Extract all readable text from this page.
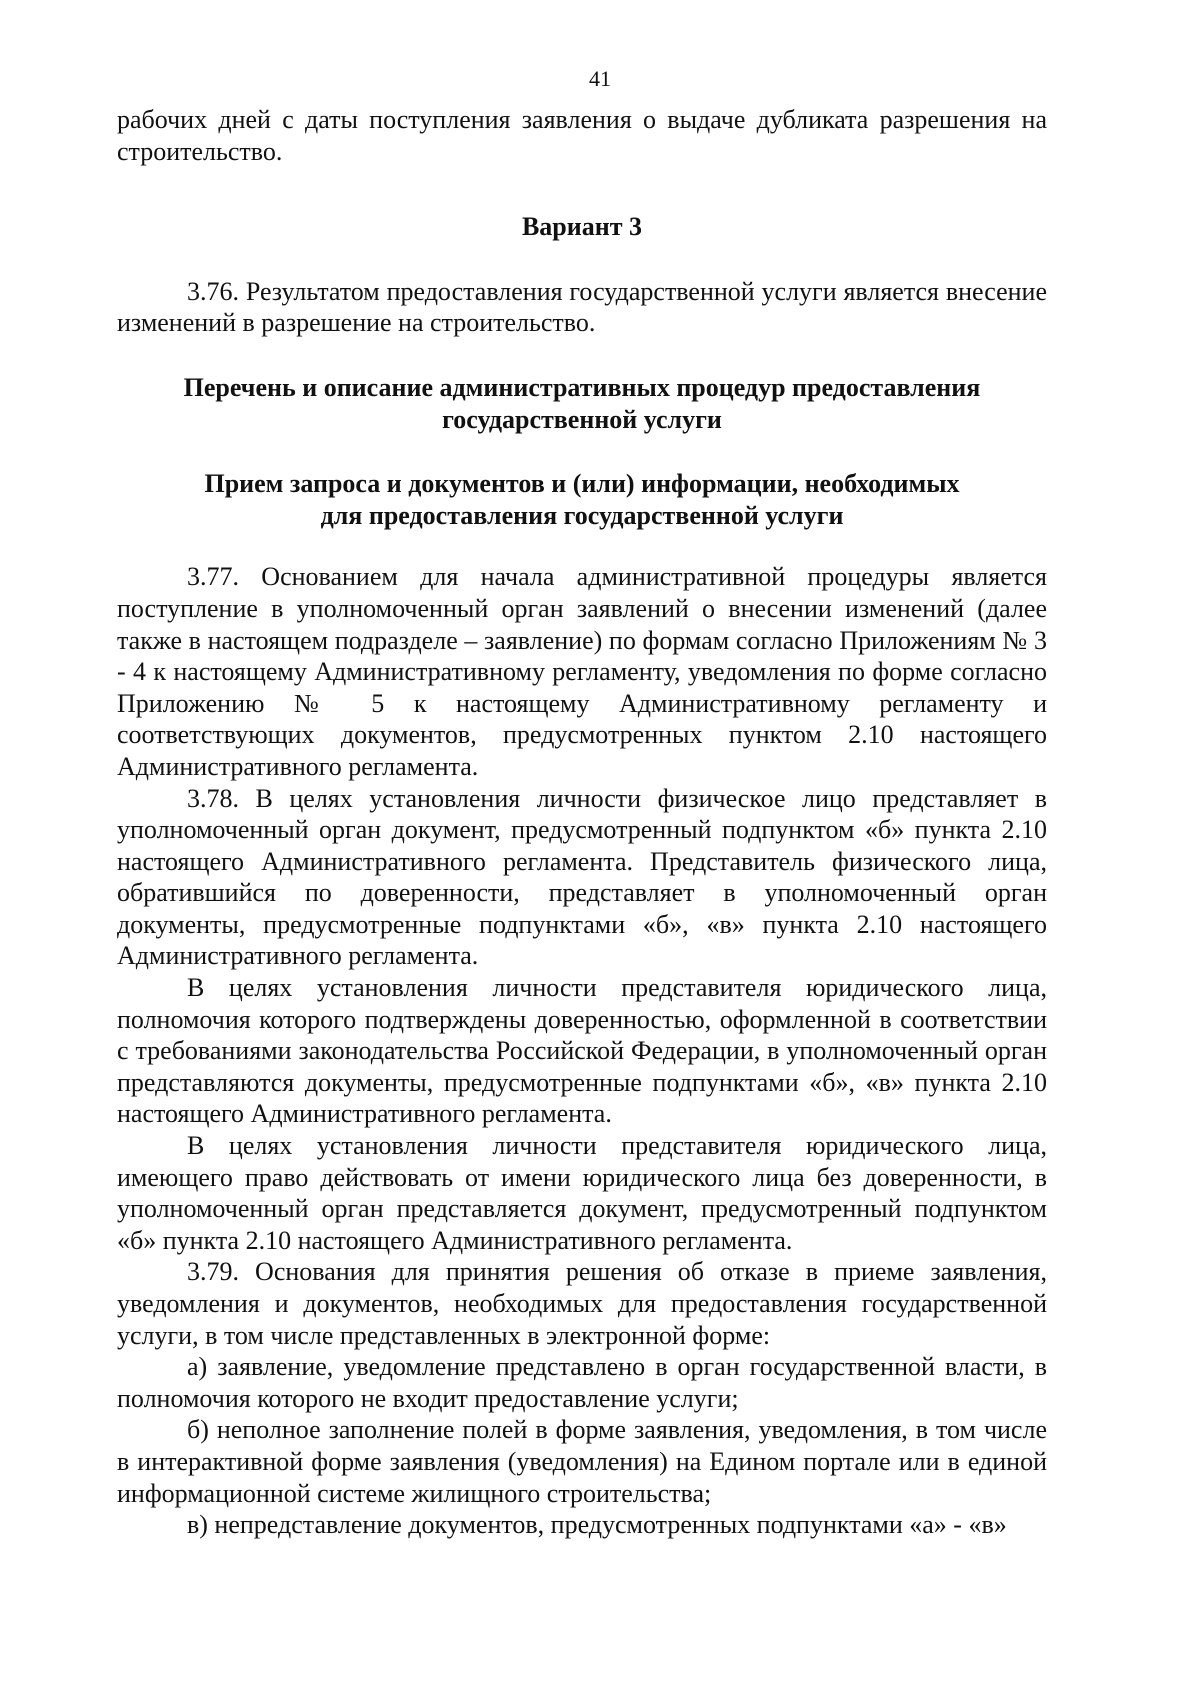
41

рабочих дней с даты поступления заявления о выдаче дубликата разрешения на строительство.

Вариант 3

3.76. Результатом предоставления государственной услуги является внесение изменений в разрешение на строительство.

Перечень и описание административных процедур предоставления
государственной услуги
Прием запроса и документов и (или) информации, необходимых
для предоставления государственной услуги

3.77. Основанием для начала административной процедуры является поступление в уполномоченный орган заявлений о внесении изменений (далее также в настоящем подразделе – заявление) по формам согласно Приложениям № 3 - 4 к настоящему Административному регламенту, уведомления по форме согласно Приложению № 5 к настоящему Административному регламенту и соответствующих документов, предусмотренных пунктом 2.10 настоящего Административного регламента.

3.78. В целях установления личности физическое лицо представляет в уполномоченный орган документ, предусмотренный подпунктом «б» пункта 2.10 настоящего Административного регламента. Представитель физического лица, обратившийся по доверенности, представляет в уполномоченный орган документы, предусмотренные подпунктами «б», «в» пункта 2.10 настоящего Административного регламента.

В целях установления личности представителя юридического лица, полномочия которого подтверждены доверенностью, оформленной в соответствии с требованиями законодательства Российской Федерации, в уполномоченный орган представляются документы, предусмотренные подпунктами «б», «в» пункта 2.10 настоящего Административного регламента.

В целях установления личности представителя юридического лица, имеющего право действовать от имени юридического лица без доверенности, в уполномоченный орган представляется документ, предусмотренный подпунктом «б» пункта 2.10 настоящего Административного регламента.

3.79. Основания для принятия решения об отказе в приеме заявления, уведомления и документов, необходимых для предоставления государственной услуги, в том числе представленных в электронной форме:

а) заявление, уведомление представлено в орган государственной власти, в полномочия которого не входит предоставление услуги;

б) неполное заполнение полей в форме заявления, уведомления, в том числе в интерактивной форме заявления (уведомления) на Едином портале или в единой информационной системе жилищного строительства;

в) непредставление документов, предусмотренных подпунктами «а» - «в»
